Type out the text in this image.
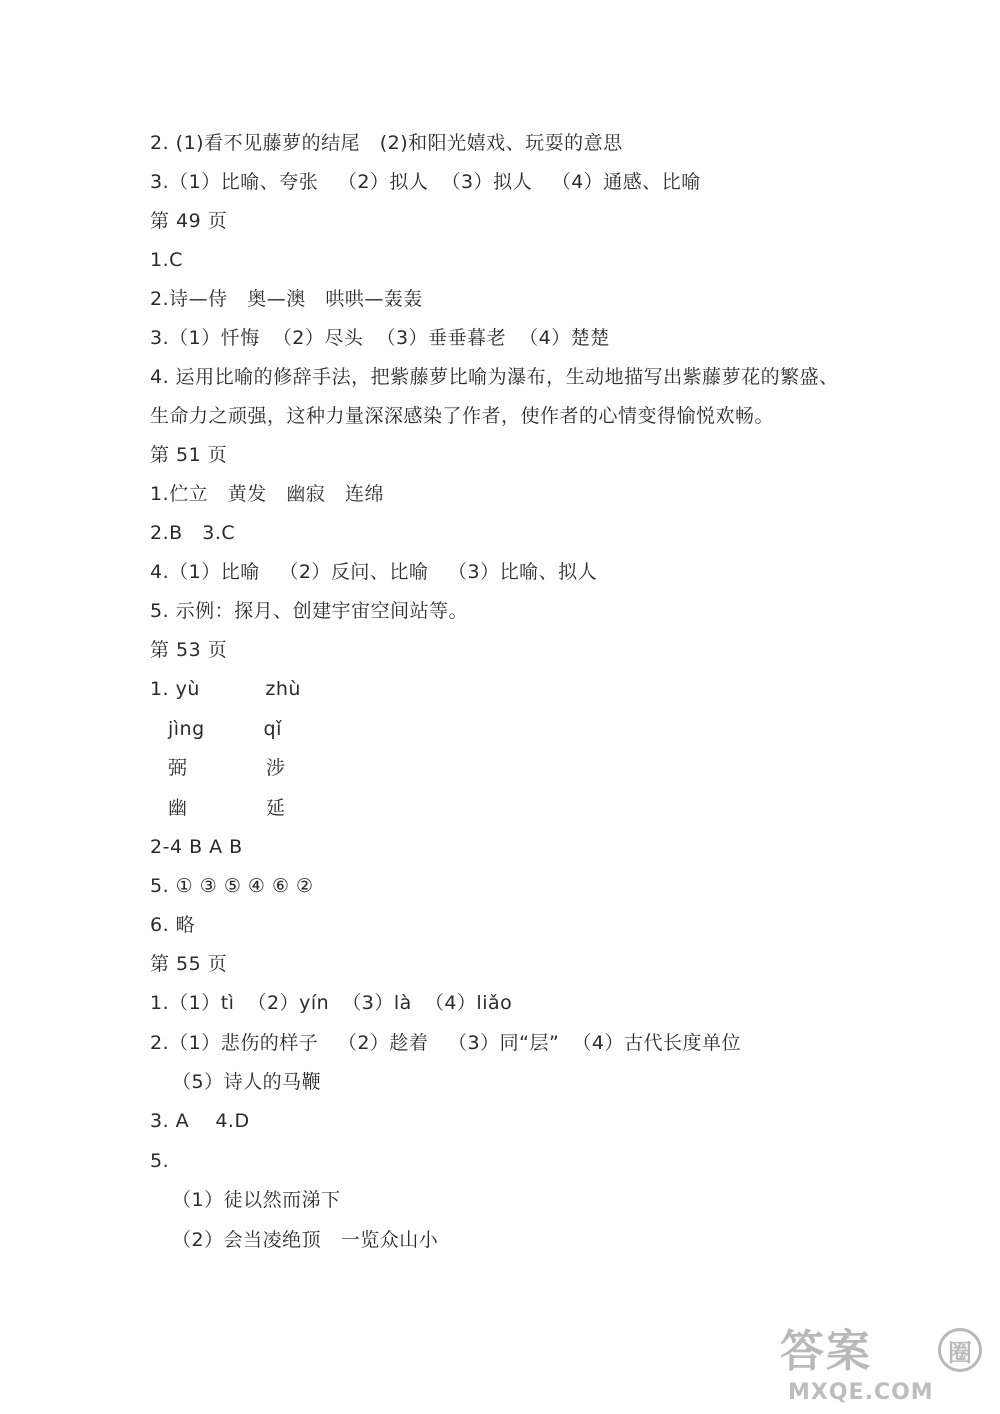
2. (1)看不见藤萝的结尾   (2)和阳光嬉戏、玩耍的意思
3.（1）比喻、夸张   （2）拟人  （3）拟人   （4）通感、比喻
第 49 页
1.C
2.诗—侍   奥—澳   哄哄—轰轰
3.（1）忏悔  （2）尽头  （3）垂垂暮老  （4）楚楚
4. 运用比喻的修辞手法，把紫藤萝比喻为瀑布，生动地描写出紫藤萝花的繁盛、
生命力之顽强，这种力量深深感染了作者，使作者的心情变得愉悦欢畅。
第 51 页
1.伫立   黄发   幽寂   连绵
2.B   3.C
4.（1）比喻   （2）反问、比喻   （3）比喻、拟人
5. 示例：探月、创建宇宙空间站等。
第 53 页
1. yù          zhù
jìng         qǐ
弼            涉
幽            延
2-4 B A B
5. ① ③ ⑤ ④ ⑥ ②
6. 略
第 55 页
1.（1）tì  （2）yín  （3）là  （4）liǎo
2.（1）悲伤的样子   （2）趁着   （3）同“层”  （4）古代长度单位
（5）诗人的马鞭
3. A    4.D
5.
（1）徒以然而涕下
（2）会当凌绝顶   一览众山小
答案	圈
MXQE.COM
